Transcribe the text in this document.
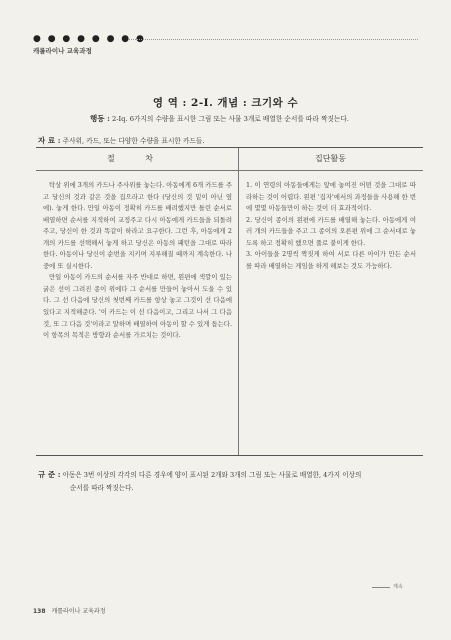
● ● ● ● ● ● ● ●
캐롤라이나 교육과정
영 역 : 2-Ⅰ. 개념 : 크기와 수
행동 : 2-Ⅰq. 6가지의 수량을 표시한 그림 또는 사물 3개로 배열한 순서를 따라 짝짓는다.
자 료 : 주사위, 카드, 또는 다양한 수량을 표시한 카드들.
절 차	집단활동

탁상 위에 3개의 카드나 주사위를 놓는다. 아동에게 6개 카드를 주고 당신의 것과 같은 것을 집으라고 한다 (당신의 것 밑이 아닌 옆에). 놓게 한다. 만일 아동이 정확히 카드를 배려했지만 틀린 순서로 배열하면 순서를 지적하여 교정주고 다시 아동에게 카드들을 되돌려 주고, 당신이 한 것과 똑같이 하라고 요구한다. 그런 후, 아동에게 2개의 카드를 선택해서 놓게 하고 당신은 아동의 패턴을 그대로 따라한다. 아동이나 당신이 순번을 지키며 지루해질 때까지 계속한다. 나중에 또 실시한다.

만일 아동이 카드의 순서를 자주 반대로 하면, 왼편에 색깔이 있는 굵은 선이 그려진 종이 위에다 그 순서를 만들어 놓아서 도울 수 있다. 그 선 다음에 당신의 첫번째 카드를 항상 놓고 그것이 선 다음에 있다고 지적해준다. '이 카드는 이 선 다음이고, 그리고 나서 그 다음 것, 또 그 다음 것'이라고 말하며 배열하여 아동이 할 수 있게 돕는다. 이 항목의 목적은 방향과 순서를 가르치는 것이다.

1. 이 연령의 아동들에게는 앞에 놓여진 어떤 것을 그대로 따라하는 것이 어렵다. 왼편 '집자'에서의 과정들을 사용해 한 번에 몇몇 아동들만이 하는 것이 더 효과적이다.

2. 당신이 종이의 왼편에 카드를 배열해 놓는다. 아동에게 여러 개의 카드들을 주고 그 종이의 오른편 위에 그 순서대로 놓도록 하고 정확히 했으면 풀로 붙이게 한다.

3. 아이들을 2명씩 짝짓게 하여 서로 다른 아이가 만든 순서를 따라 배열하는 게임을 하게 해보는 것도 가능하다.

규 준 : 아동은 3번 이상의 각각의 다른 경우에 양이 표시된 2개와 3개의 그림 또는 사물로 배열한, 4가지 이상의
순서를 따라 짝짓는다.
계속
138 캐롤라이나 교육과정
